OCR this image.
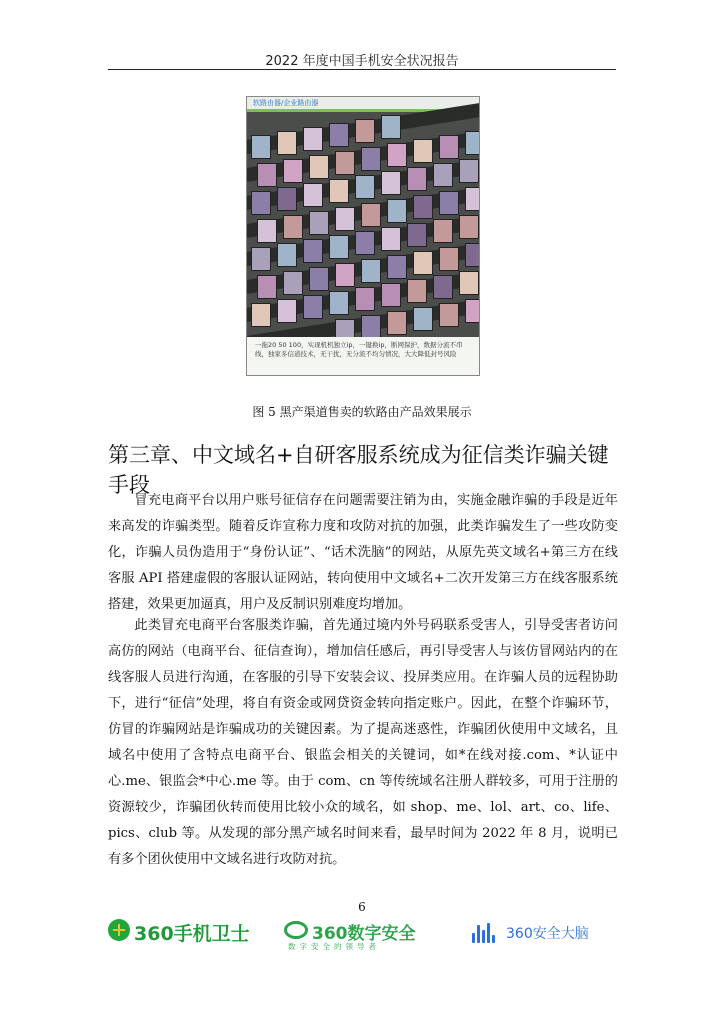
2022 年度中国手机安全状况报告
软路由器/企业路由器
一拖20 50 100，实现机机独立ip，一键换ip，断网保护，数据分流不串线，独家多信道技术，无干扰，无分流不均匀情况，大大降低封号风险
图 5 黑产渠道售卖的软路由产品效果展示
第三章、中文域名+自研客服系统成为征信类诈骗关键手段
冒充电商平台以用户账号征信存在问题需要注销为由，实施金融诈骗的手段是近年来高发的诈骗类型。随着反诈宣称力度和攻防对抗的加强，此类诈骗发生了一些攻防变化，诈骗人员伪造用于“身份认证”、“话术洗脑”的网站，从原先英文域名+第三方在线客服 API 搭建虚假的客服认证网站，转向使用中文域名+二次开发第三方在线客服系统搭建，效果更加逼真，用户及反制识别难度均增加。
此类冒充电商平台客服类诈骗，首先通过境内外号码联系受害人，引导受害者访问高仿的网站（电商平台、征信查询），增加信任感后，再引导受害人与该仿冒网站内的在线客服人员进行沟通，在客服的引导下安装会议、投屏类应用。在诈骗人员的远程协助下，进行“征信”处理，将自有资金或网贷资金转向指定账户。因此，在整个诈骗环节，仿冒的诈骗网站是诈骗成功的关键因素。为了提高迷惑性，诈骗团伙使用中文域名，且域名中使用了含特点电商平台、银监会相关的关键词，如*在线对接.com、*认证中心.me、银监会*中心.me 等。由于 com、cn 等传统域名注册人群较多，可用于注册的资源较少，诈骗团伙转而使用比较小众的域名，如 shop、me、lol、art、co、life、pics、club 等。从发现的部分黑产域名时间来看，最早时间为 2022 年 8 月，说明已有多个团伙使用中文域名进行攻防对抗。
6
360手机卫士	360数字安全
数字安全的领导者
360安全大脑
